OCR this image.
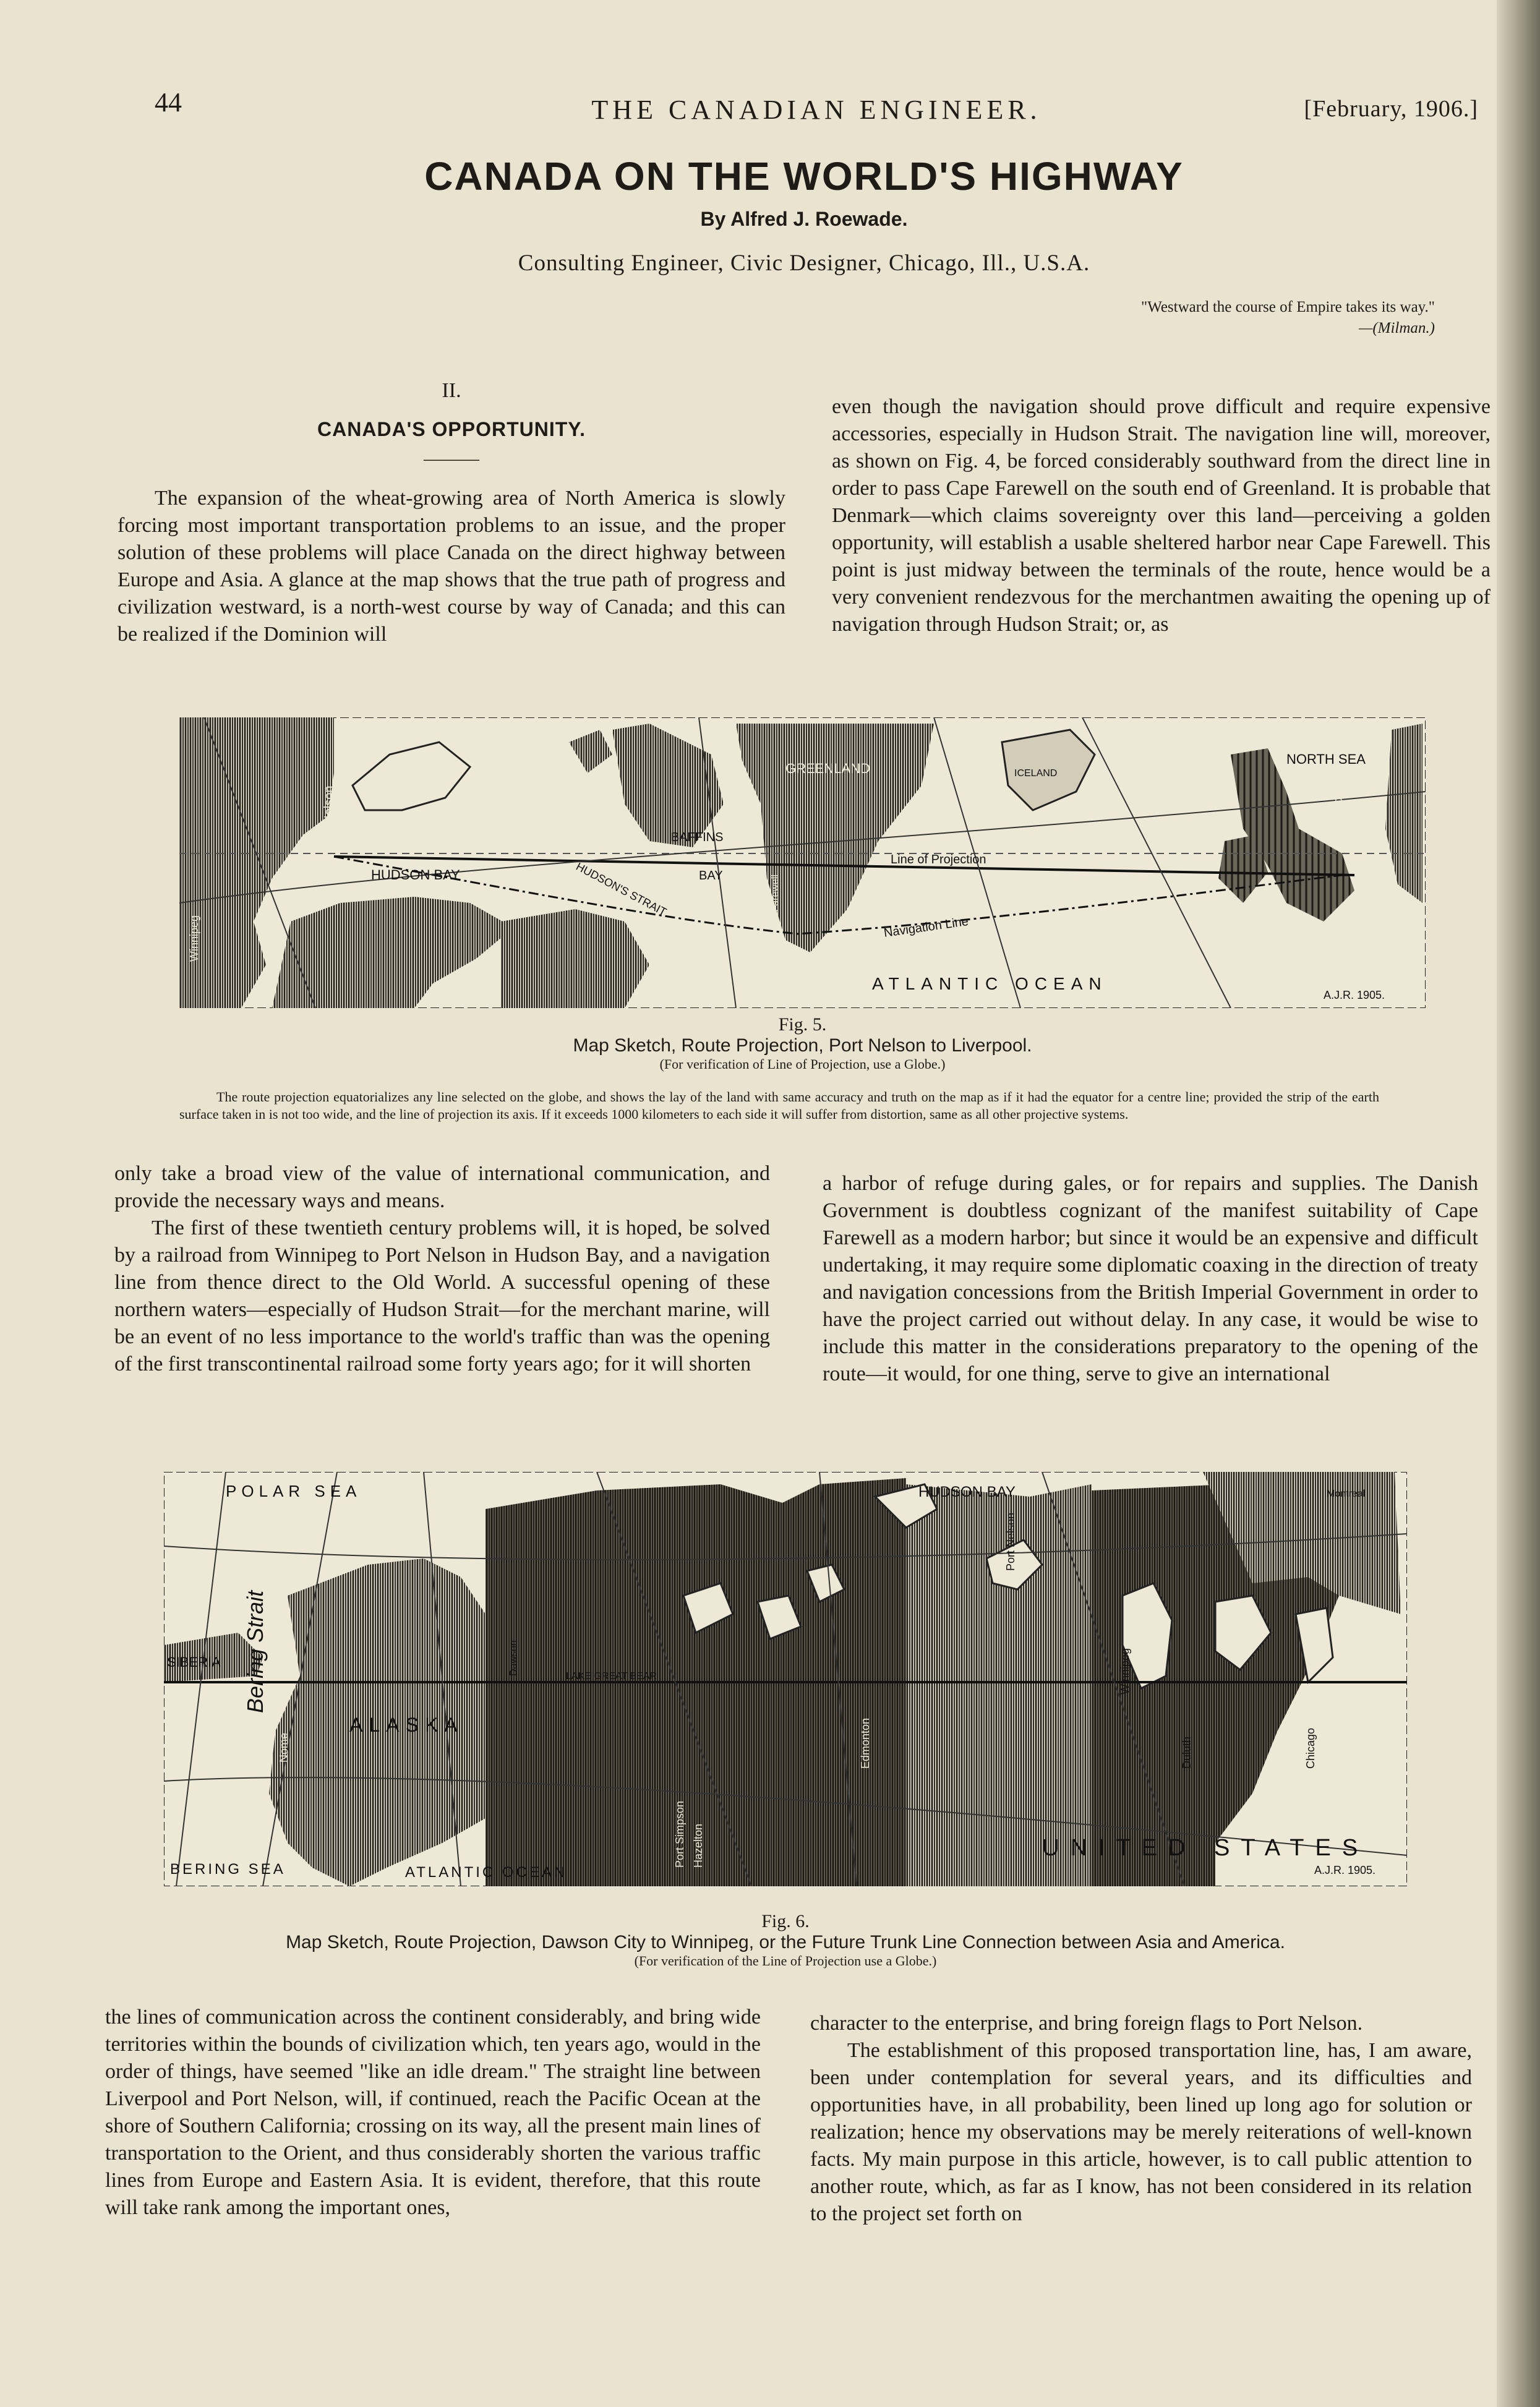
44	THE CANADIAN ENGINEER.	[February, 1906.]
CANADA ON THE WORLD'S HIGHWAY
By Alfred J. Roewade.
Consulting Engineer, Civic Designer, Chicago, Ill., U.S.A.
"Westward the course of Empire takes its way."
—(Milman.)
II.
CANADA'S OPPORTUNITY.
———

The expansion of the wheat-growing area of North America is slowly forcing most important transportation problems to an issue, and the proper solution of these problems will place Canada on the direct highway between Europe and Asia. A glance at the map shows that the true path of progress and civilization westward, is a north-west course by way of Canada; and this can be realized if the Dominion will

even though the navigation should prove difficult and require expensive accessories, especially in Hudson Strait. The navigation line will, moreover, as shown on Fig. 4, be forced considerably southward from the direct line in order to pass Cape Farewell on the south end of Greenland. It is probable that Denmark—which claims sovereignty over this land—perceiving a golden opportunity, will establish a usable sheltered harbor near Cape Farewell. This point is just midway between the terminals of the route, hence would be a very convenient rendezvous for the merchantmen awaiting the opening up of navigation through Hudson Strait; or, as

HUDSON BAY
BAFFINS
BAY
HUDSON'S STRAIT
GREENLAND	ICELAND
NORTH SEA
Line of Projection
Navigation Line
ATLANTIC OCEAN
Winnipeg
Port Nelson	Liverpool
C. Farewell
A.J.R. 1905.
Fig. 5.
Map Sketch, Route Projection, Port Nelson to Liverpool.
(For verification of Line of Projection, use a Globe.)
The route projection equatorializes any line selected on the globe, and shows the lay of the land with same accuracy and truth on the map as if it had the equator for a centre line; provided the strip of the earth surface taken in is not too wide, and the line of projection its axis. If it exceeds 1000 kilometers to each side it will suffer from distortion, same as all other projective systems.

only take a broad view of the value of international communication, and provide the necessary ways and means.

The first of these twentieth century problems will, it is hoped, be solved by a railroad from Winnipeg to Port Nelson in Hudson Bay, and a navigation line from thence direct to the Old World. A successful opening of these northern waters—especially of Hudson Strait—for the merchant marine, will be an event of no less importance to the world's traffic than was the opening of the first transcontinental railroad some forty years ago; for it will shorten

a harbor of refuge during gales, or for repairs and supplies. The Danish Government is doubtless cognizant of the manifest suitability of Cape Farewell as a modern harbor; but since it would be an expensive and difficult undertaking, it may require some diplomatic coaxing in the direction of treaty and navigation concessions from the British Imperial Government in order to have the project carried out without delay. In any case, it would be wise to include this matter in the considerations preparatory to the opening of the route—it would, for one thing, serve to give an international

POLAR SEA	HUDSON BAY
SIBERIA Bering Strait
Nome
ALASKA
BERING SEA	ATLANTIC OCEAN
UNITED STATES
Dawson
LAKE GREAT BEAR
Port Simpson Hazelton
Edmonton
Winnipeg
Port Nelson
Duluth	Chicago
Montreal
A.J.R. 1905.
Fig. 6.
Map Sketch, Route Projection, Dawson City to Winnipeg, or the Future Trunk Line Connection between Asia and America.
(For verification of the Line of Projection use a Globe.)

the lines of communication across the continent considerably, and bring wide territories within the bounds of civilization which, ten years ago, would in the order of things, have seemed "like an idle dream." The straight line between Liverpool and Port Nelson, will, if continued, reach the Pacific Ocean at the shore of Southern California; crossing on its way, all the present main lines of transportation to the Orient, and thus considerably shorten the various traffic lines from Europe and Eastern Asia. It is evident, therefore, that this route will take rank among the important ones,

character to the enterprise, and bring foreign flags to Port Nelson.

The establishment of this proposed transportation line, has, I am aware, been under contemplation for several years, and its difficulties and opportunities have, in all probability, been lined up long ago for solution or realization; hence my observations may be merely reiterations of well-known facts. My main purpose in this article, however, is to call public attention to another route, which, as far as I know, has not been considered in its relation to the project set forth on
